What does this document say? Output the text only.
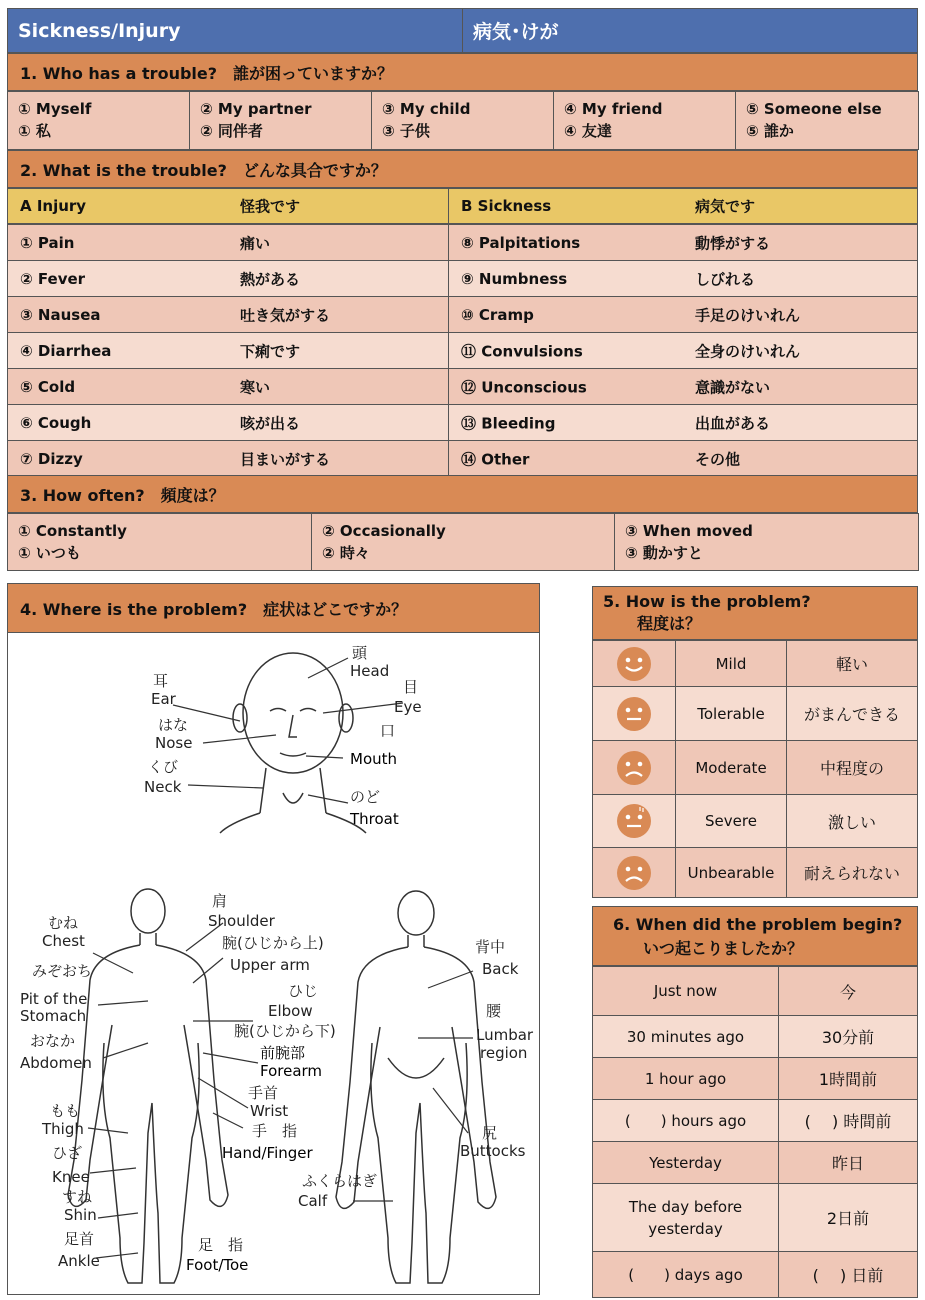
Sickness/Injury	病気･けが
1. Who has a trouble?　誰が困っていますか？
① Myself
① 私
② My partner
② 同伴者
③ My child
③ 子供
④ My friend
④ 友達
⑤ Someone else
⑤ 誰か
2. What is the trouble?　どんな具合ですか？
A Injury	怪我です	B Sickness	病気です
① Pain	痛い	⑧ Palpitations	動悸がする
② Fever	熱がある	⑨ Numbness	しびれる
③ Nausea	吐き気がする	⑩ Cramp	手足のけいれん
④ Diarrhea	下痢です	⑪ Convulsions	全身のけいれん
⑤ Cold	寒い	⑫ Unconscious	意識がない
⑥ Cough	咳が出る	⑬ Bleeding	出血がある
⑦ Dizzy	目まいがする	⑭ Other	その他
3. How often?　頻度は？
① Constantly
① いつも
② Occasionally
② 時々
③ When moved
③ 動かすと
4. Where is the problem?　症状はどこですか？
頭
Head
目
Eye
耳
Ear
はな
Nose
口
Mouth
くび
Neck
のど
Throat
肩
Shoulder
腕(ひじから上)
Upper arm
むね
Chest
みぞおち
Pit of the
Stomach
ひじ
Elbow
腕(ひじから下)
前腕部
Forearm
おなか
Abdomen
手首
Wrist
手　指
Hand/Finger
もも
Thigh
ひざ
Knee
すね
Shin
足首
Ankle
足　指
Foot/Toe
背中
Back
腰
Lumbar
region
尻
Buttocks
ふくらはぎ
Calf
5. How is the problem?
程度は？
Mild	軽い
Tolerable	がまんできる
Moderate	中程度の
Severe	激しい
Unbearable	耐えられない
6. When did the problem begin?
いつ起こりましたか？
Just now	今
30 minutes ago	30分前
1 hour ago	1時間前
(　　) hours ago	(　 ) 時間前
Yesterday	昨日
The day before yesterday
2日前
(　　) days ago	(　 ) 日前
